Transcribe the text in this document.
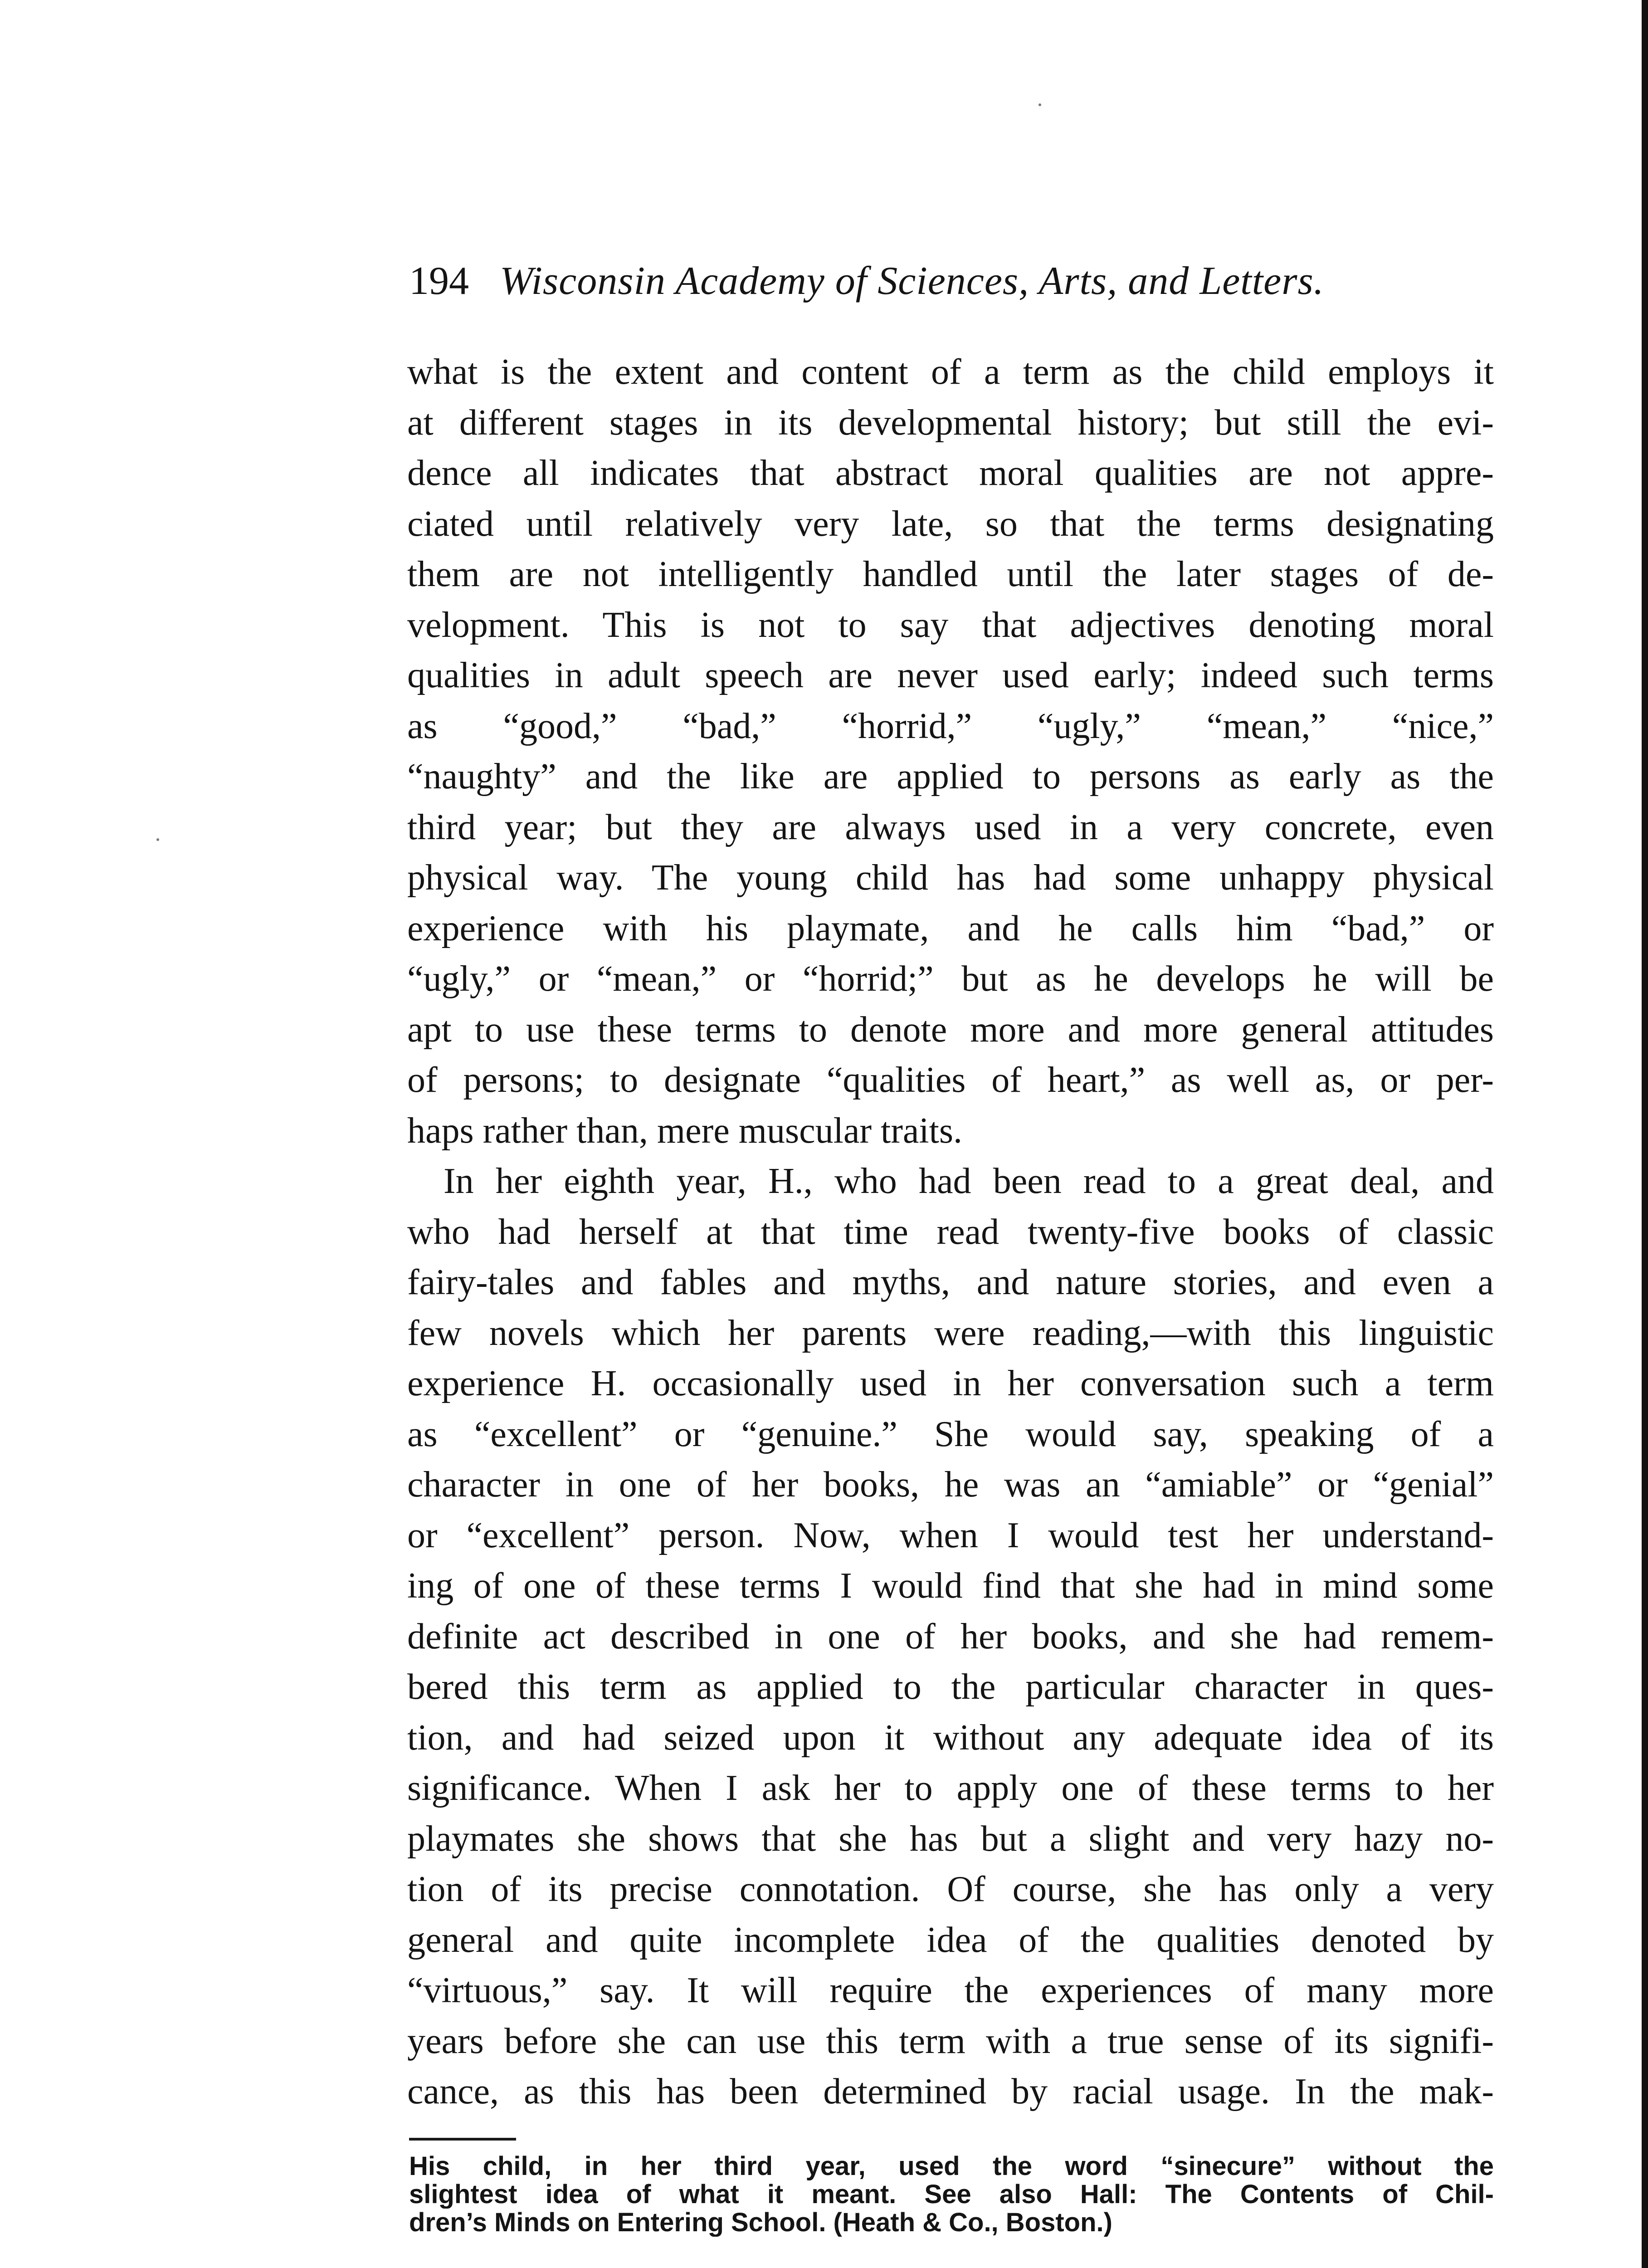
194 Wisconsin Academy of Sciences, Arts, and Letters.
what is the extent and content of a term as the child employs it
at different stages in its developmental history; but still the evi-
dence all indicates that abstract moral qualities are not appre-
ciated until relatively very late, so that the terms designating
them are not intelligently handled until the later stages of de-
velopment. This is not to say that adjectives denoting moral
qualities in adult speech are never used early; indeed such terms
as “good,” “bad,” “horrid,” “ugly,” “mean,” “nice,”
“naughty” and the like are applied to persons as early as the
third year; but they are always used in a very concrete, even
physical way. The young child has had some unhappy physical
experience with his playmate, and he calls him “bad,” or
“ugly,” or “mean,” or “horrid;” but as he develops he will be
apt to use these terms to denote more and more general attitudes
of persons; to designate “qualities of heart,” as well as, or per-
haps rather than, mere muscular traits.
In her eighth year, H., who had been read to a great deal, and
who had herself at that time read twenty-five books of classic
fairy-tales and fables and myths, and nature stories, and even a
few novels which her parents were reading,—with this linguistic
experience H. occasionally used in her conversation such a term
as “excellent” or “genuine.” She would say, speaking of a
character in one of her books, he was an “amiable” or “genial”
or “excellent” person. Now, when I would test her understand-
ing of one of these terms I would find that she had in mind some
definite act described in one of her books, and she had remem-
bered this term as applied to the particular character in ques-
tion, and had seized upon it without any adequate idea of its
significance. When I ask her to apply one of these terms to her
playmates she shows that she has but a slight and very hazy no-
tion of its precise connotation. Of course, she has only a very
general and quite incomplete idea of the qualities denoted by
“virtuous,” say. It will require the experiences of many more
years before she can use this term with a true sense of its signifi-
cance, as this has been determined by racial usage. In the mak-
His child, in her third year, used the word “sinecure” without the
slightest idea of what it meant. See also Hall: The Contents of Chil-
dren’s Minds on Entering School. (Heath & Co., Boston.)
